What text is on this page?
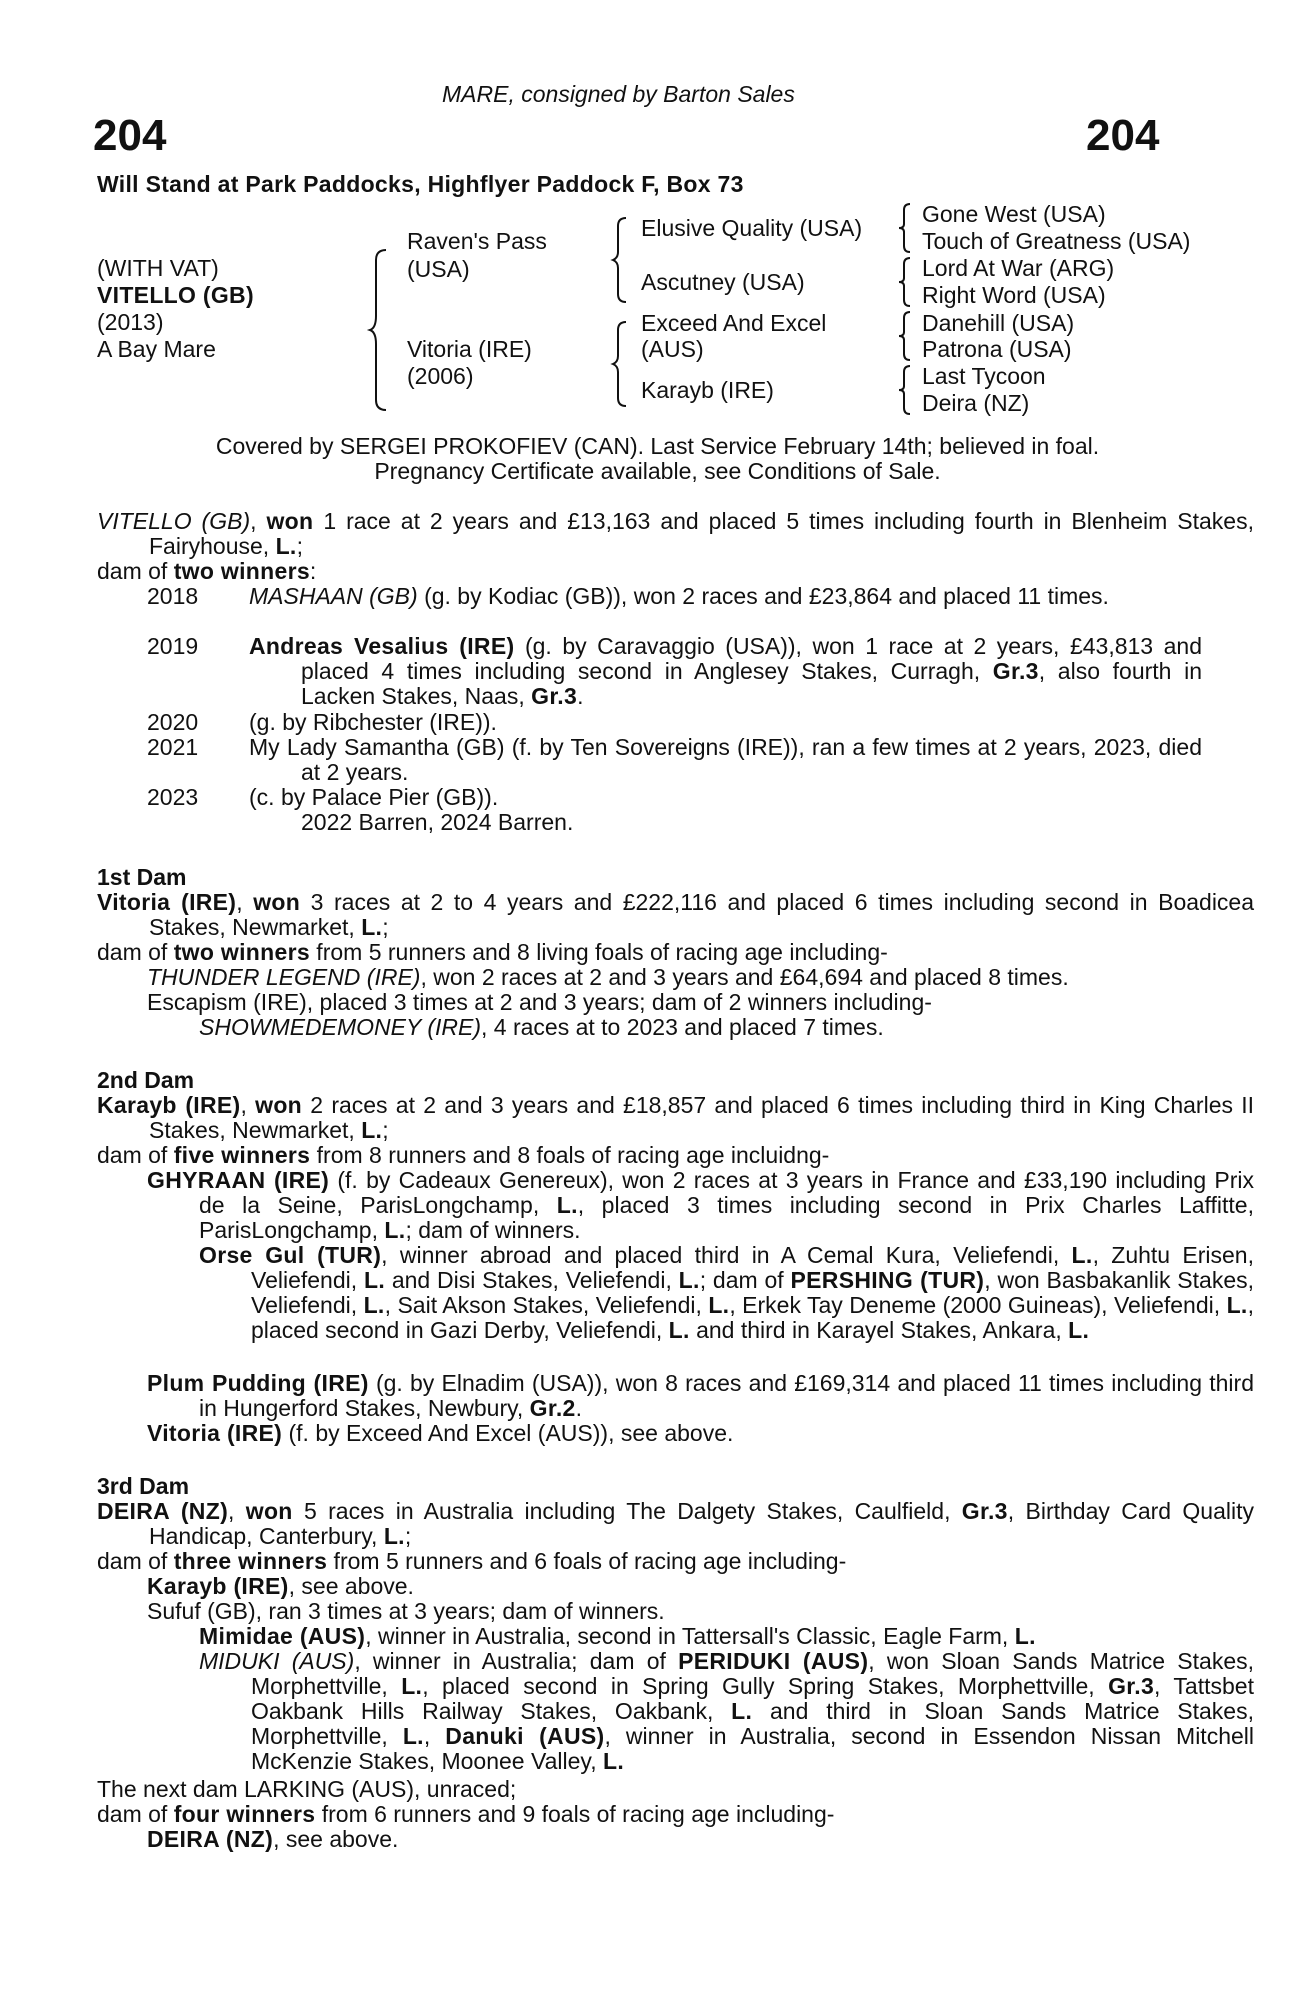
MARE, consigned by Barton Sales
204	204
Will Stand at Park Paddocks, Highflyer Paddock F, Box 73
(WITH VAT)
VITELLO (GB)
(2013)
A Bay Mare
Raven's Pass
(USA)
Vitoria (IRE)
(2006)
Elusive Quality (USA)
Ascutney (USA)
Exceed And Excel
(AUS)
Karayb (IRE)
Gone West (USA)
Touch of Greatness (USA)
Lord At War (ARG)
Right Word (USA)
Danehill (USA)
Patrona (USA)
Last Tycoon
Deira (NZ)
Covered by SERGEI PROKOFIEV (CAN). Last Service February 14th; believed in foal.
Pregnancy Certificate available, see Conditions of Sale.
VITELLO (GB), won 1 race at 2 years and £13,163 and placed 5 times including fourth in Blenheim Stakes, Fairyhouse, L.;
dam of two winners:
2018 MASHAAN (GB) (g. by Kodiac (GB)), won 2 races and £23,864 and placed 11 times.
2019 Andreas Vesalius (IRE) (g. by Caravaggio (USA)), won 1 race at 2 years, £43,813 and placed 4 times including second in Anglesey Stakes, Curragh, Gr.3, also fourth in Lacken Stakes, Naas, Gr.3.
2020 (g. by Ribchester (IRE)).
2021 My Lady Samantha (GB) (f. by Ten Sovereigns (IRE)), ran a few times at 2 years, 2023, died at 2 years.
2023 (c. by Palace Pier (GB)).
2022 Barren, 2024 Barren.
1st Dam
Vitoria (IRE), won 3 races at 2 to 4 years and £222,116 and placed 6 times including second in Boadicea Stakes, Newmarket, L.;
dam of two winners from 5 runners and 8 living foals of racing age including-
THUNDER LEGEND (IRE), won 2 races at 2 and 3 years and £64,694 and placed 8 times.
Escapism (IRE), placed 3 times at 2 and 3 years; dam of 2 winners including-
SHOWMEDEMONEY (IRE), 4 races at to 2023 and placed 7 times.
2nd Dam
Karayb (IRE), won 2 races at 2 and 3 years and £18,857 and placed 6 times including third in King Charles II Stakes, Newmarket, L.;
dam of five winners from 8 runners and 8 foals of racing age incluidng-
GHYRAAN (IRE) (f. by Cadeaux Genereux), won 2 races at 3 years in France and £33,190 including Prix de la Seine, ParisLongchamp, L., placed 3 times including second in Prix Charles Laffitte, ParisLongchamp, L.; dam of winners.
Orse Gul (TUR), winner abroad and placed third in A Cemal Kura, Veliefendi, L., Zuhtu Erisen, Veliefendi, L. and Disi Stakes, Veliefendi, L.; dam of PERSHING (TUR), won Basbakanlik Stakes, Veliefendi, L., Sait Akson Stakes, Veliefendi, L., Erkek Tay Deneme (2000 Guineas), Veliefendi, L., placed second in Gazi Derby, Veliefendi, L. and third in Karayel Stakes, Ankara, L.
Plum Pudding (IRE) (g. by Elnadim (USA)), won 8 races and £169,314 and placed 11 times including third in Hungerford Stakes, Newbury, Gr.2.
Vitoria (IRE) (f. by Exceed And Excel (AUS)), see above.
3rd Dam
DEIRA (NZ), won 5 races in Australia including The Dalgety Stakes, Caulfield, Gr.3, Birthday Card Quality Handicap, Canterbury, L.;
dam of three winners from 5 runners and 6 foals of racing age including-
Karayb (IRE), see above.
Sufuf (GB), ran 3 times at 3 years; dam of winners.
Mimidae (AUS), winner in Australia, second in Tattersall's Classic, Eagle Farm, L.
MIDUKI (AUS), winner in Australia; dam of PERIDUKI (AUS), won Sloan Sands Matrice Stakes, Morphettville, L., placed second in Spring Gully Spring Stakes, Morphettville, Gr.3, Tattsbet Oakbank Hills Railway Stakes, Oakbank, L. and third in Sloan Sands Matrice Stakes, Morphettville, L., Danuki (AUS), winner in Australia, second in Essendon Nissan Mitchell McKenzie Stakes, Moonee Valley, L.
The next dam LARKING (AUS), unraced;
dam of four winners from 6 runners and 9 foals of racing age including-
DEIRA (NZ), see above.
